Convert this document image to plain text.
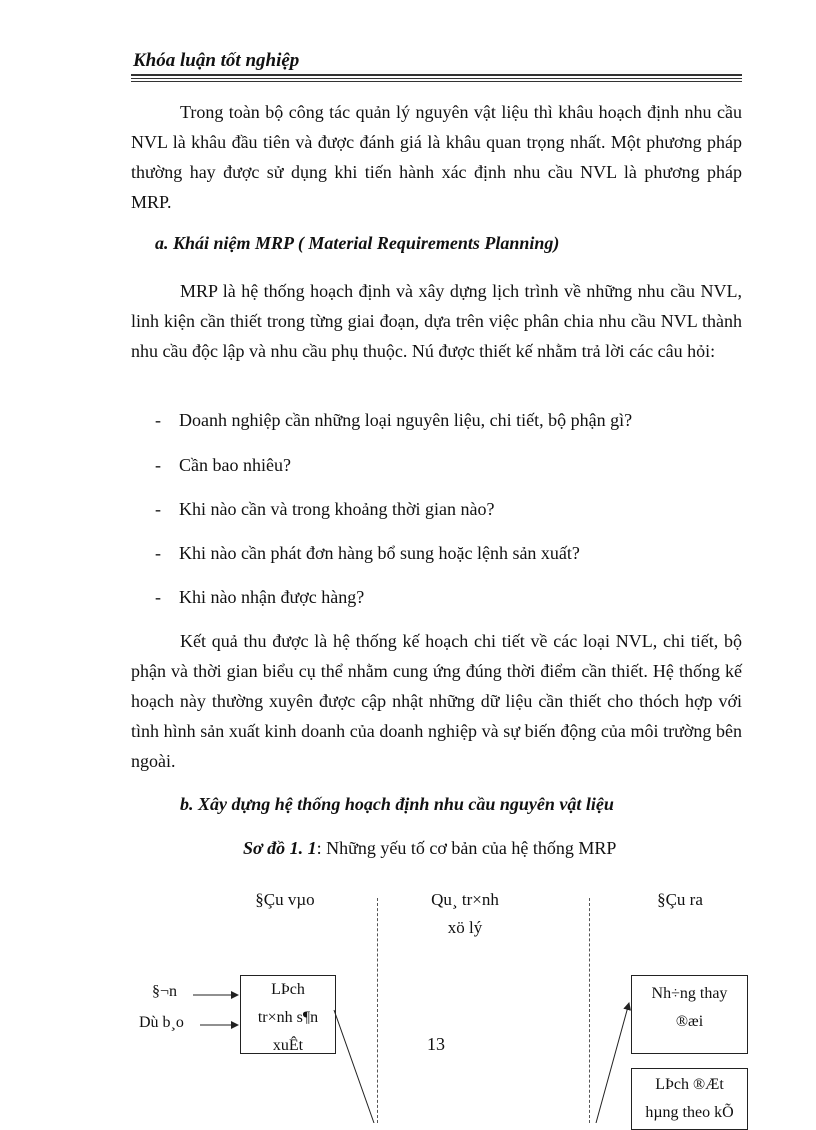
Khóa luận tốt nghiệp

Trong toàn bộ công tác quản lý nguyên vật liệu thì khâu hoạch định nhu cầu NVL là khâu đầu tiên và được đánh giá là khâu quan trọng nhất. Một phương pháp thường hay được sử dụng khi tiến hành xác định nhu cầu NVL là phương pháp MRP.

a. Khái niệm MRP ( Material Requirements Planning)

MRP là hệ thống hoạch định và xây dựng lịch trình về những nhu cầu NVL, linh kiện cần thiết trong từng giai đoạn, dựa trên việc phân chia nhu cầu NVL thành nhu cầu độc lập và nhu cầu phụ thuộc. Nú được thiết kế nhằm trả lời các câu hỏi:

- Doanh nghiệp cần những loại nguyên liệu, chi tiết, bộ phận gì?
- Cần bao nhiêu?
- Khi nào cần và trong khoảng thời gian nào?
- Khi nào cần phát đơn hàng bổ sung hoặc lệnh sản xuất?
- Khi nào nhận được hàng?

Kết quả thu được là hệ thống kế hoạch chi tiết về các loại NVL, chi tiết, bộ phận và thời gian biểu cụ thể nhằm cung ứng đúng thời điểm cần thiết. Hệ thống kế hoạch này thường xuyên được cập nhật những dữ liệu cần thiết cho thóch hợp với tình hình sản xuất kinh doanh của doanh nghiệp và sự biến động của môi trường bên ngoài.

b. Xây dựng hệ thống hoạch định nhu cầu nguyên vật liệu
Sơ đồ 1. 1: Những yếu tố cơ bản của hệ thống MRP
§Çu vµo	Qu¸ tr×nh
xö lý
§Çu ra
§¬n
Dù b¸o
LÞch
tr×nh s¶n
xuÊt
Nh÷ng thay
®æi
LÞch ®Æt
hµng theo kÕ
13
